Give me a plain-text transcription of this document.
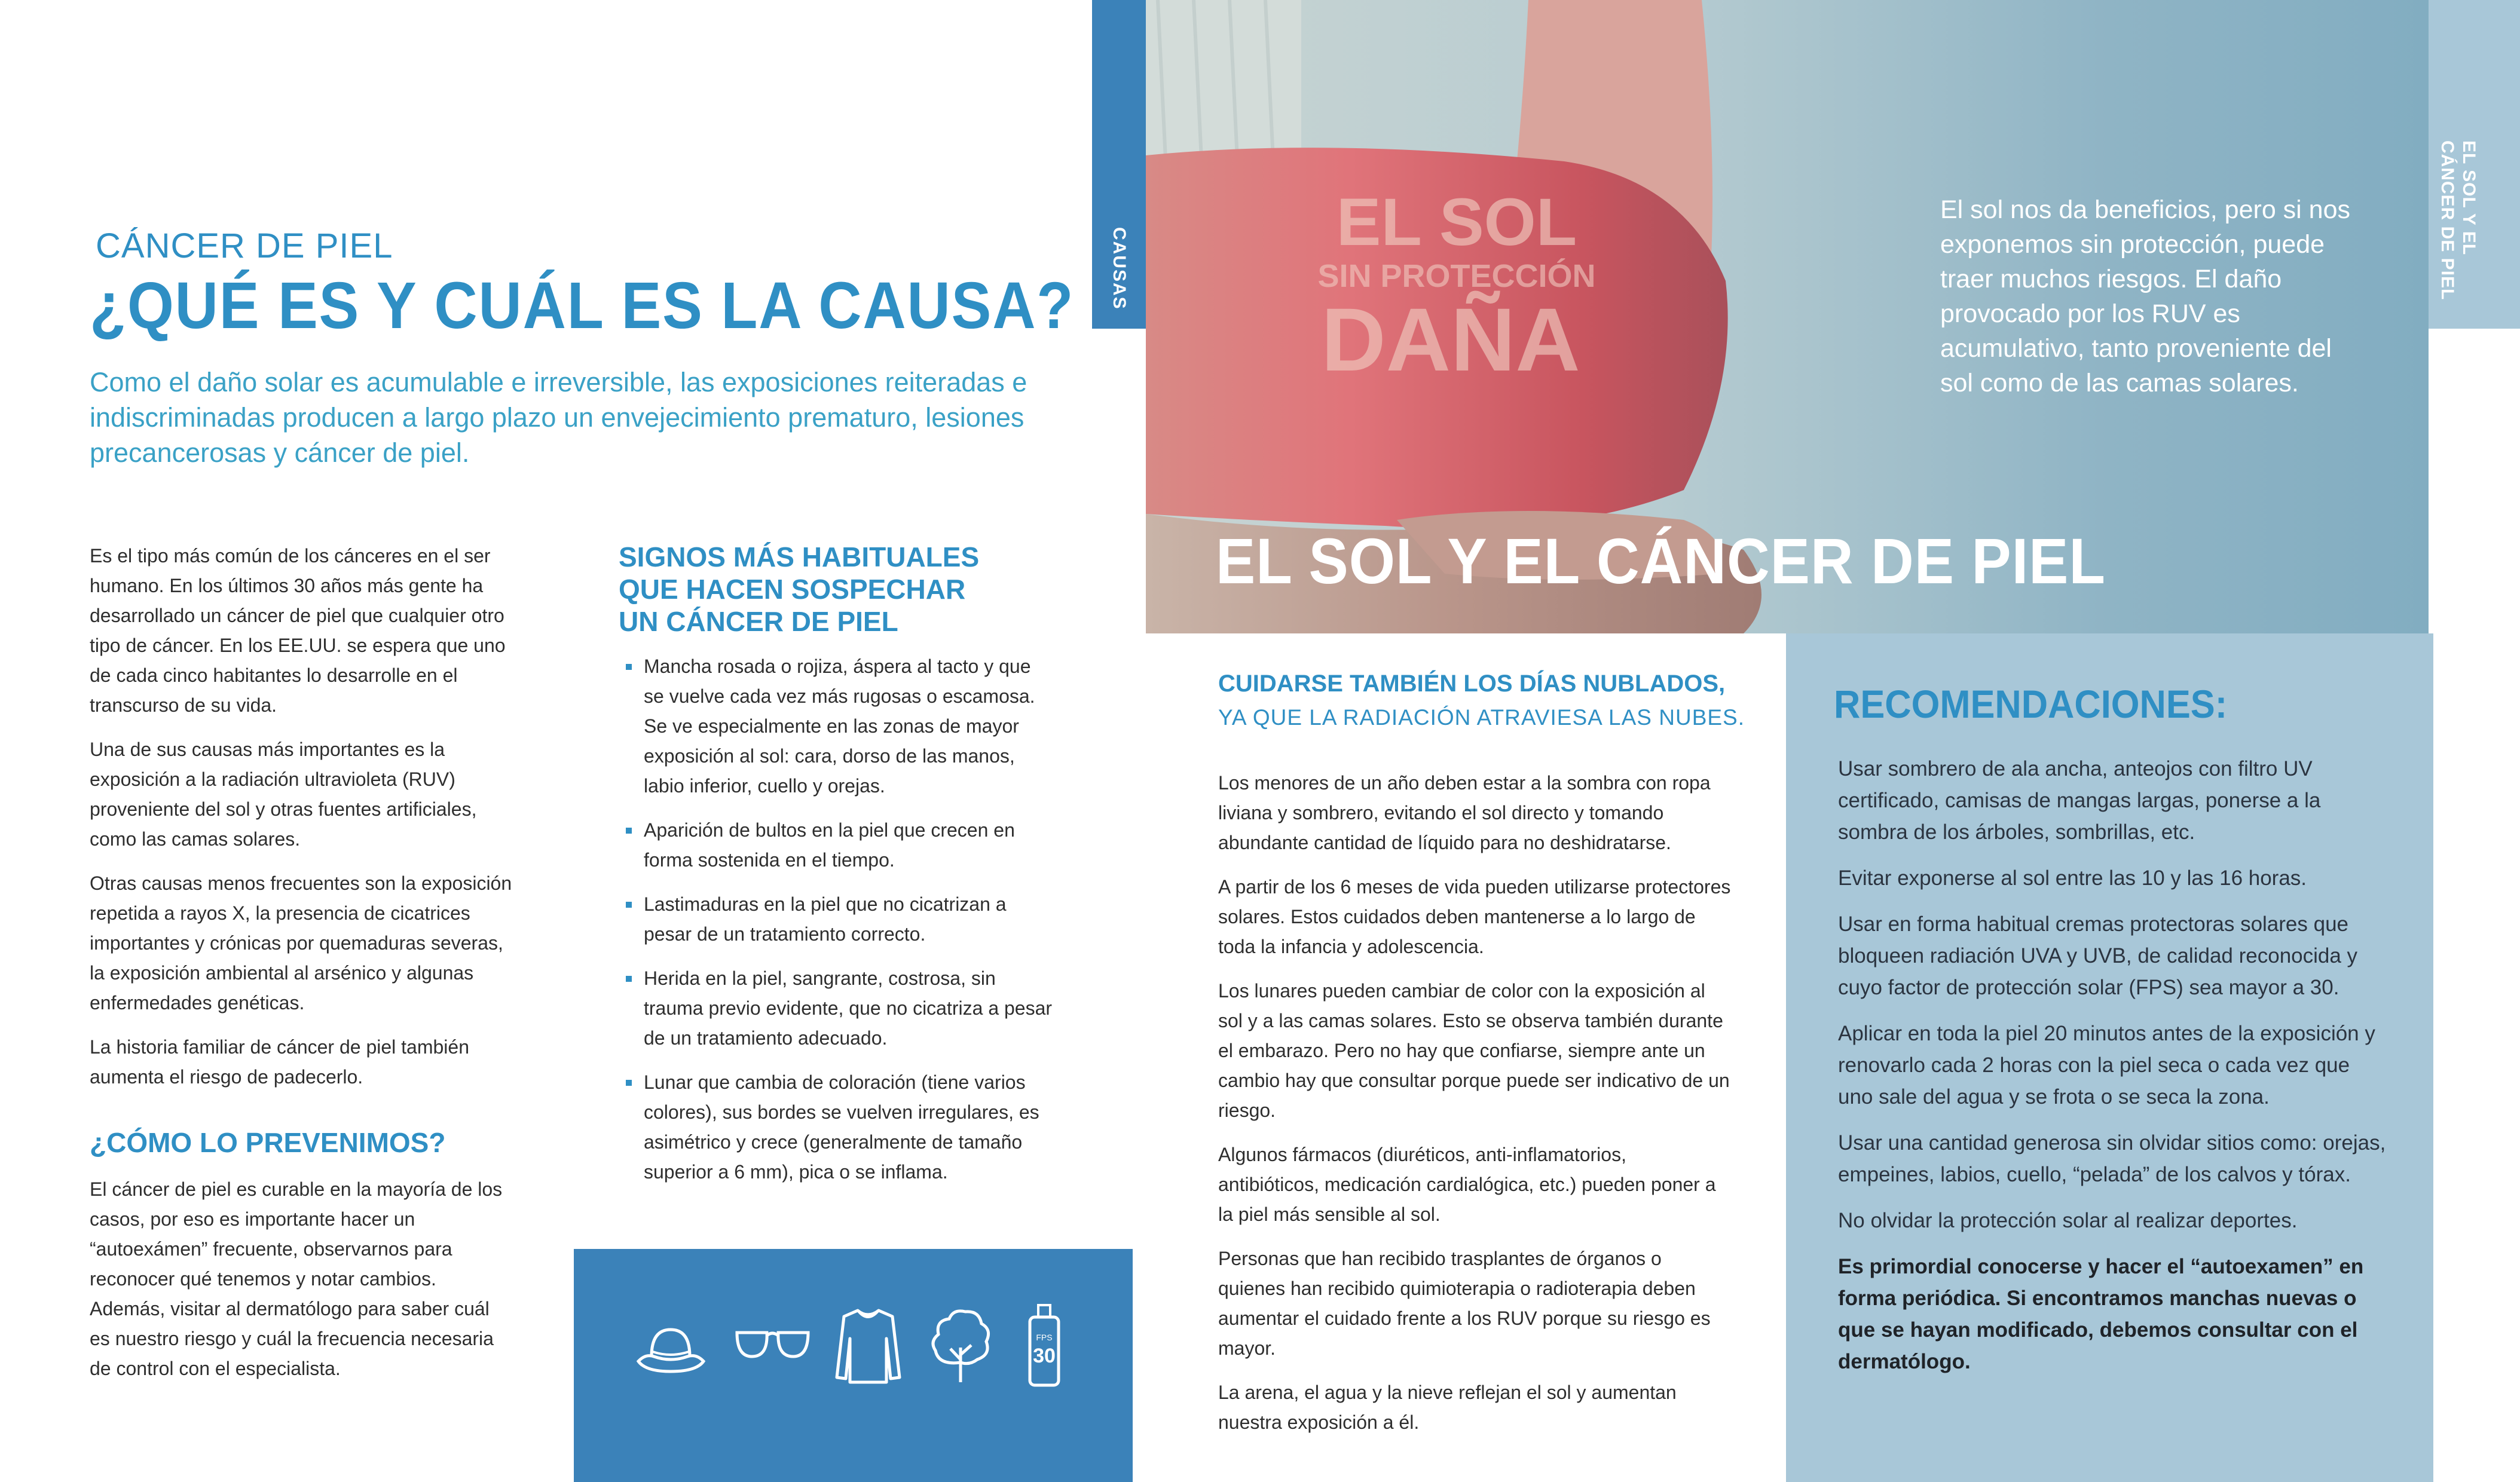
CÁNCER DE PIEL
¿QUÉ ES Y CUÁL ES LA CAUSA?
Como el daño solar es acumulable e irreversible, las exposiciones reiteradas e indiscriminadas producen a largo plazo un envejecimiento prematuro, lesiones precancerosas y cáncer de piel.

Es el tipo más común de los cánceres en el ser humano. En los últimos 30 años más gente ha desarrollado un cáncer de piel que cualquier otro tipo de cáncer. En los EE.UU. se espera que uno de cada cinco habitantes lo desarrolle en el transcurso de su vida.

Una de sus causas más importantes es la exposición a la radiación ultravioleta (RUV) proveniente del sol y otras fuentes artificiales, como las camas solares.

Otras causas menos frecuentes son la exposición repetida a rayos X, la presencia de cicatrices importantes y crónicas por quemaduras severas, la exposición ambiental al arsénico y algunas enfermedades genéticas.

La historia familiar de cáncer de piel también aumenta el riesgo de padecerlo.

¿CÓMO LO PREVENIMOS?

El cáncer de piel es curable en la mayoría de los casos, por eso es importante hacer un “autoexámen” frecuente, observarnos para reconocer qué tenemos y notar cambios. Además, visitar al dermatólogo para saber cuál es nuestro riesgo y cuál la frecuencia necesaria de control con el especialista.

SIGNOS MÁS HABITUALES
QUE HACEN SOSPECHAR
UN CÁNCER DE PIEL
Mancha rosada o rojiza, áspera al tacto y que se vuelve cada vez más rugosas o escamosa. Se ve especialmente en las zonas de mayor exposición al sol: cara, dorso de las manos, labio inferior, cuello y orejas.
Aparición de bultos en la piel que crecen en forma sostenida en el tiempo.
Lastimaduras en la piel que no cicatrizan a pesar de un tratamiento correcto.
Herida en la piel, sangrante, costrosa, sin trauma previo evidente, que no cicatriza a pesar de un tratamiento adecuado.
Lunar que cambia de coloración (tiene varios colores), sus bordes se vuelven irregulares, es asimétrico y crece (generalmente de tamaño superior a 6 mm), pica o se inflama.
FPS
30
CAUSAS
EL SOL
SIN PROTECCIÓN
DAÑA
El sol nos da beneficios, pero si nos exponemos sin protección, puede traer muchos riesgos. El daño provocado por los RUV es acumulativo, tanto proveniente del sol como de las camas solares.
EL SOL Y EL CÁNCER DE PIEL
EL SOL Y EL
CÁNCER DE PIEL
CUIDARSE TAMBIÉN LOS DÍAS NUBLADOS,
YA QUE LA RADIACIÓN ATRAVIESA LAS NUBES.

Los menores de un año deben estar a la sombra con ropa liviana y sombrero, evitando el sol directo y tomando abundante cantidad de líquido para no deshidratarse.

A partir de los 6 meses de vida pueden utilizarse protectores solares. Estos cuidados deben mantenerse a lo largo de toda la infancia y adolescencia.

Los lunares pueden cambiar de color con la exposición al sol y a las camas solares. Esto se observa también durante el embarazo. Pero no hay que confiarse, siempre ante un cambio hay que consultar porque puede ser indicativo de un riesgo.

Algunos fármacos (diuréticos, anti-inflamatorios, antibióticos, medicación cardialógica, etc.) pueden poner a la piel más sensible al sol.

Personas que han recibido trasplantes de órganos o quienes han recibido quimioterapia o radioterapia deben aumentar el cuidado frente a los RUV porque su riesgo es mayor.

La arena, el agua y la nieve reflejan el sol y aumentan nuestra exposición a él.

RECOMENDACIONES:

Usar sombrero de ala ancha, anteojos con filtro UV certificado, camisas de mangas largas, ponerse a la sombra de los árboles, sombrillas, etc.

Evitar exponerse al sol entre las 10 y las 16 horas.

Usar en forma habitual cremas protectoras solares que bloqueen radiación UVA y UVB, de calidad reconocida y cuyo factor de protección solar (FPS) sea mayor a 30.

Aplicar en toda la piel 20 minutos antes de la exposición y renovarlo cada 2 horas con la piel seca o cada vez que uno sale del agua y se frota o se seca la zona.

Usar una cantidad generosa sin olvidar sitios como: orejas, empeines, labios, cuello, “pelada” de los calvos y tórax.

No olvidar la protección solar al realizar deportes.

Es primordial conocerse y hacer el “autoexamen” en forma periódica. Si encontramos manchas nuevas o que se hayan modificado, debemos consultar con el dermatólogo.
